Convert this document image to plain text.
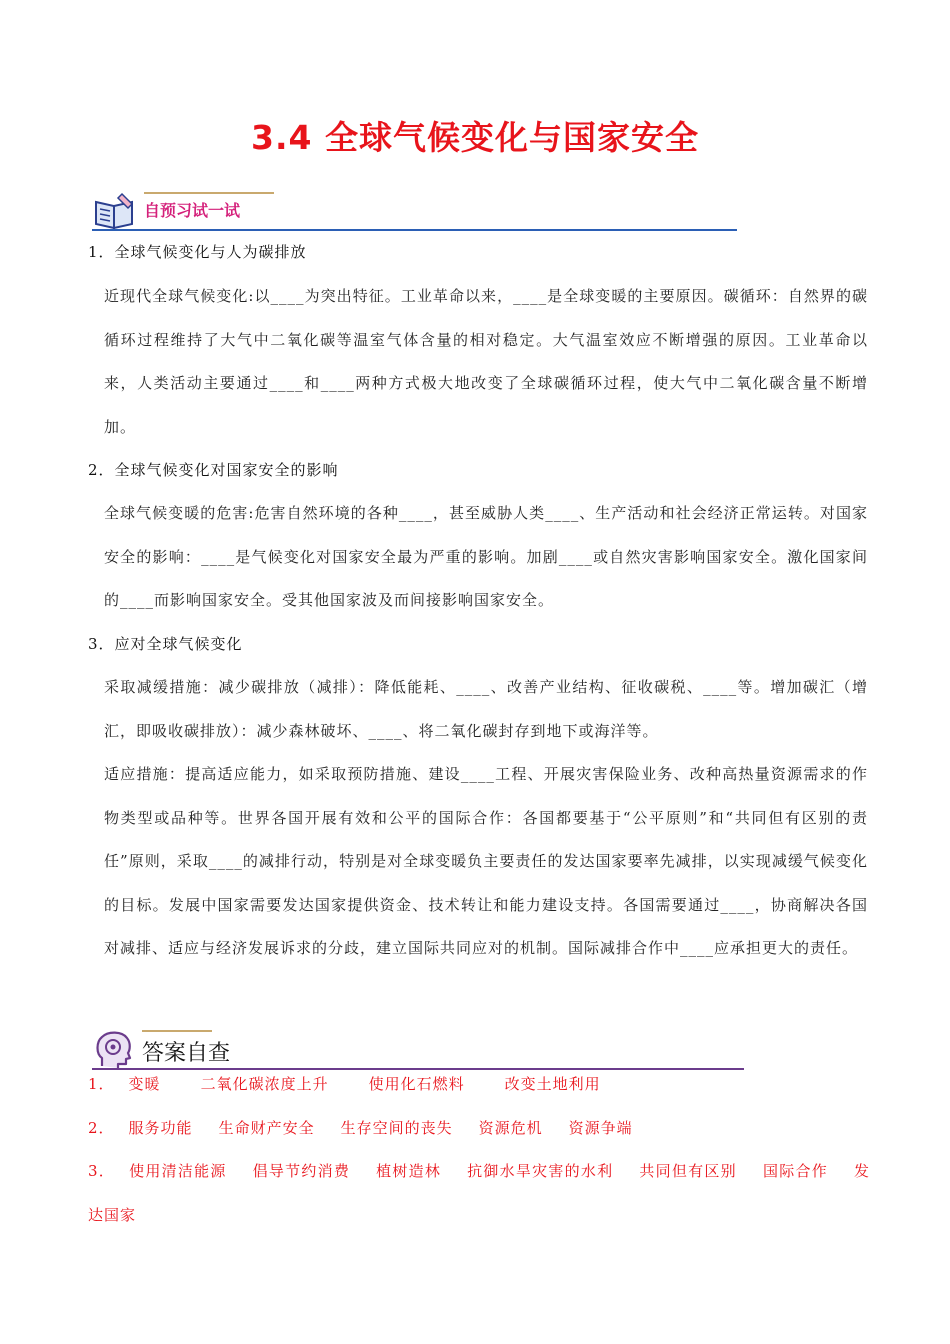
3.4 全球气候变化与国家安全
自预习试一试
1．全球气候变化与人为碳排放
近现代全球气候变化:以____为突出特征。工业革命以来，____是全球变暖的主要原因。碳循环：自然界的碳循环过程维持了大气中二氧化碳等温室气体含量的相对稳定。大气温室效应不断增强的原因。工业革命以来，人类活动主要通过____和____两种方式极大地改变了全球碳循环过程，使大气中二氧化碳含量不断增加。
2．全球气候变化对国家安全的影响
全球气候变暖的危害:危害自然环境的各种____，甚至威胁人类____、生产活动和社会经济正常运转。对国家安全的影响：____是气候变化对国家安全最为严重的影响。加剧____或自然灾害影响国家安全。激化国家间的____而影响国家安全。受其他国家波及而间接影响国家安全。
3．应对全球气候变化
采取减缓措施：减少碳排放（减排）：降低能耗、____、改善产业结构、征收碳税、____等。增加碳汇（增汇，即吸收碳排放）：减少森林破坏、____、将二氧化碳封存到地下或海洋等。
适应措施：提高适应能力，如采取预防措施、建设____工程、开展灾害保险业务、改种高热量资源需求的作物类型或品种等。世界各国开展有效和公平的国际合作：各国都要基于“公平原则”和“共同但有区别的责任”原则，采取____的减排行动，特别是对全球变暖负主要责任的发达国家要率先减排，以实现减缓气候变化的目标。发展中国家需要发达国家提供资金、技术转让和能力建设支持。各国需要通过____，协商解决各国对减排、适应与经济发展诉求的分歧，建立国际共同应对的机制。国际减排合作中____应承担更大的责任。
答案自查
1． 变暖	二氧化碳浓度上升	使用化石燃料	改变土地利用
2． 服务功能 生命财产安全 生存空间的丧失 资源危机 资源争端
3． 使用清洁能源 倡导节约消费 植树造林 抗御水旱灾害的水利 共同但有区别 国际合作 发达国家
